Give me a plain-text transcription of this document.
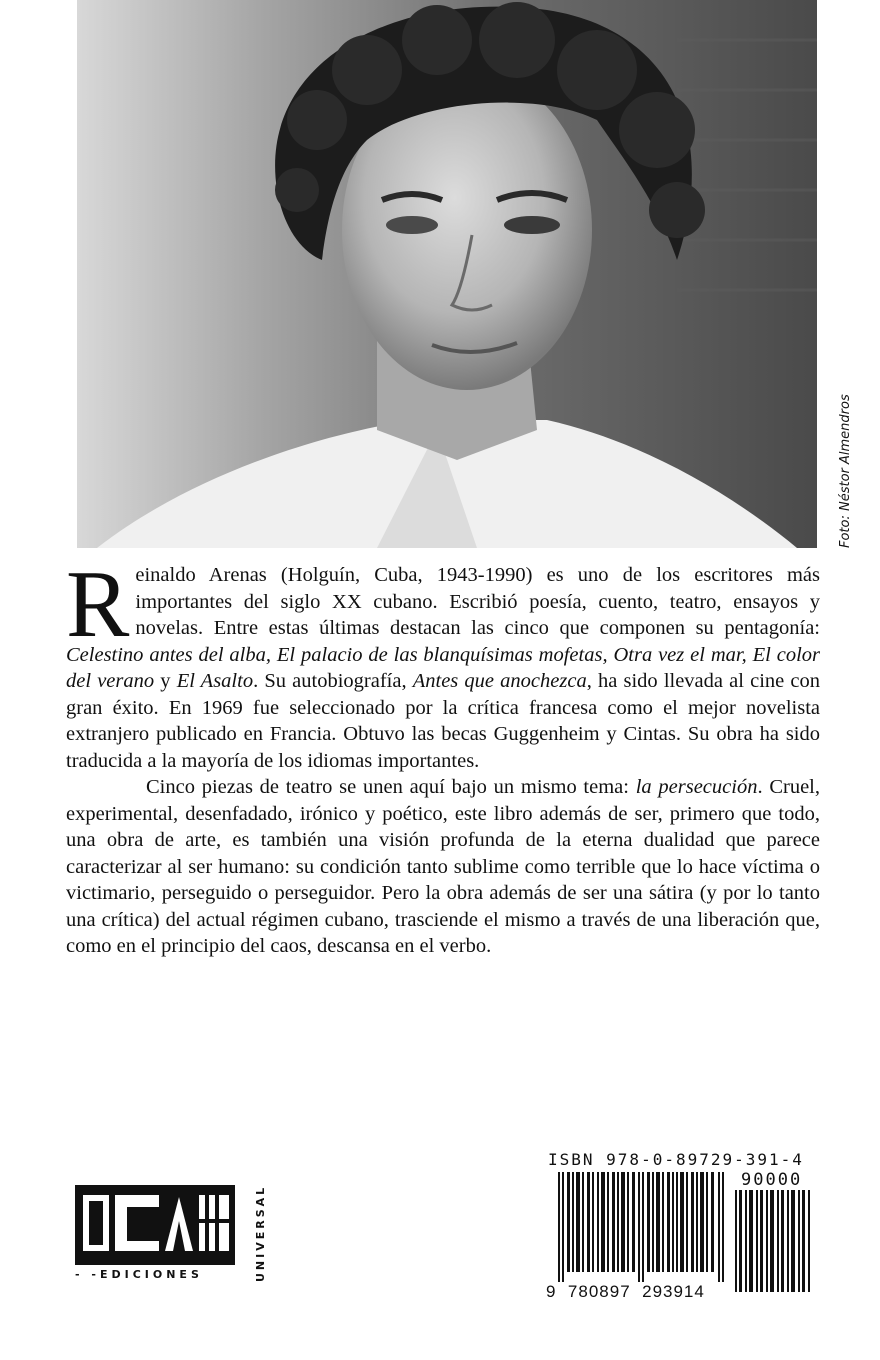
Foto: Néstor Almendros

Reinaldo Arenas (Holguín, Cuba, 1943-1990) es uno de los escritores más importantes del siglo XX cubano. Escribió poesía, cuento, teatro, ensayos y novelas. Entre estas últimas destacan las cinco que componen su pentagonía: Celestino antes del alba, El palacio de las blanquísimas mofetas, Otra vez el mar, El color del verano y El Asalto. Su autobiografía, Antes que anochezca, ha sido llevada al cine con gran éxito. En 1969 fue seleccionado por la crítica francesa como el mejor novelista extranjero publicado en Francia. Obtuvo las becas Guggenheim y Cintas. Su obra ha sido traducida a la mayoría de los idiomas importantes.

Cinco piezas de teatro se unen aquí bajo un mismo tema: la persecución. Cruel, experimental, desenfadado, irónico y poético, este libro además de ser, primero que todo, una obra de arte, es también una visión profunda de la eterna dualidad que parece caracterizar al ser humano: su condición tanto sublime como terrible que lo hace víctima o victimario, perseguido o perseguidor. Pero la obra además de ser una sátira (y por lo tanto una crítica) del actual régimen cubano, trasciende el mismo a través de una liberación que, como en el principio del caos, descansa en el verbo.

- -EDICIONES	UNIVERSAL
ISBN 978-0-89729-391-4
90000
9 780897 293914
